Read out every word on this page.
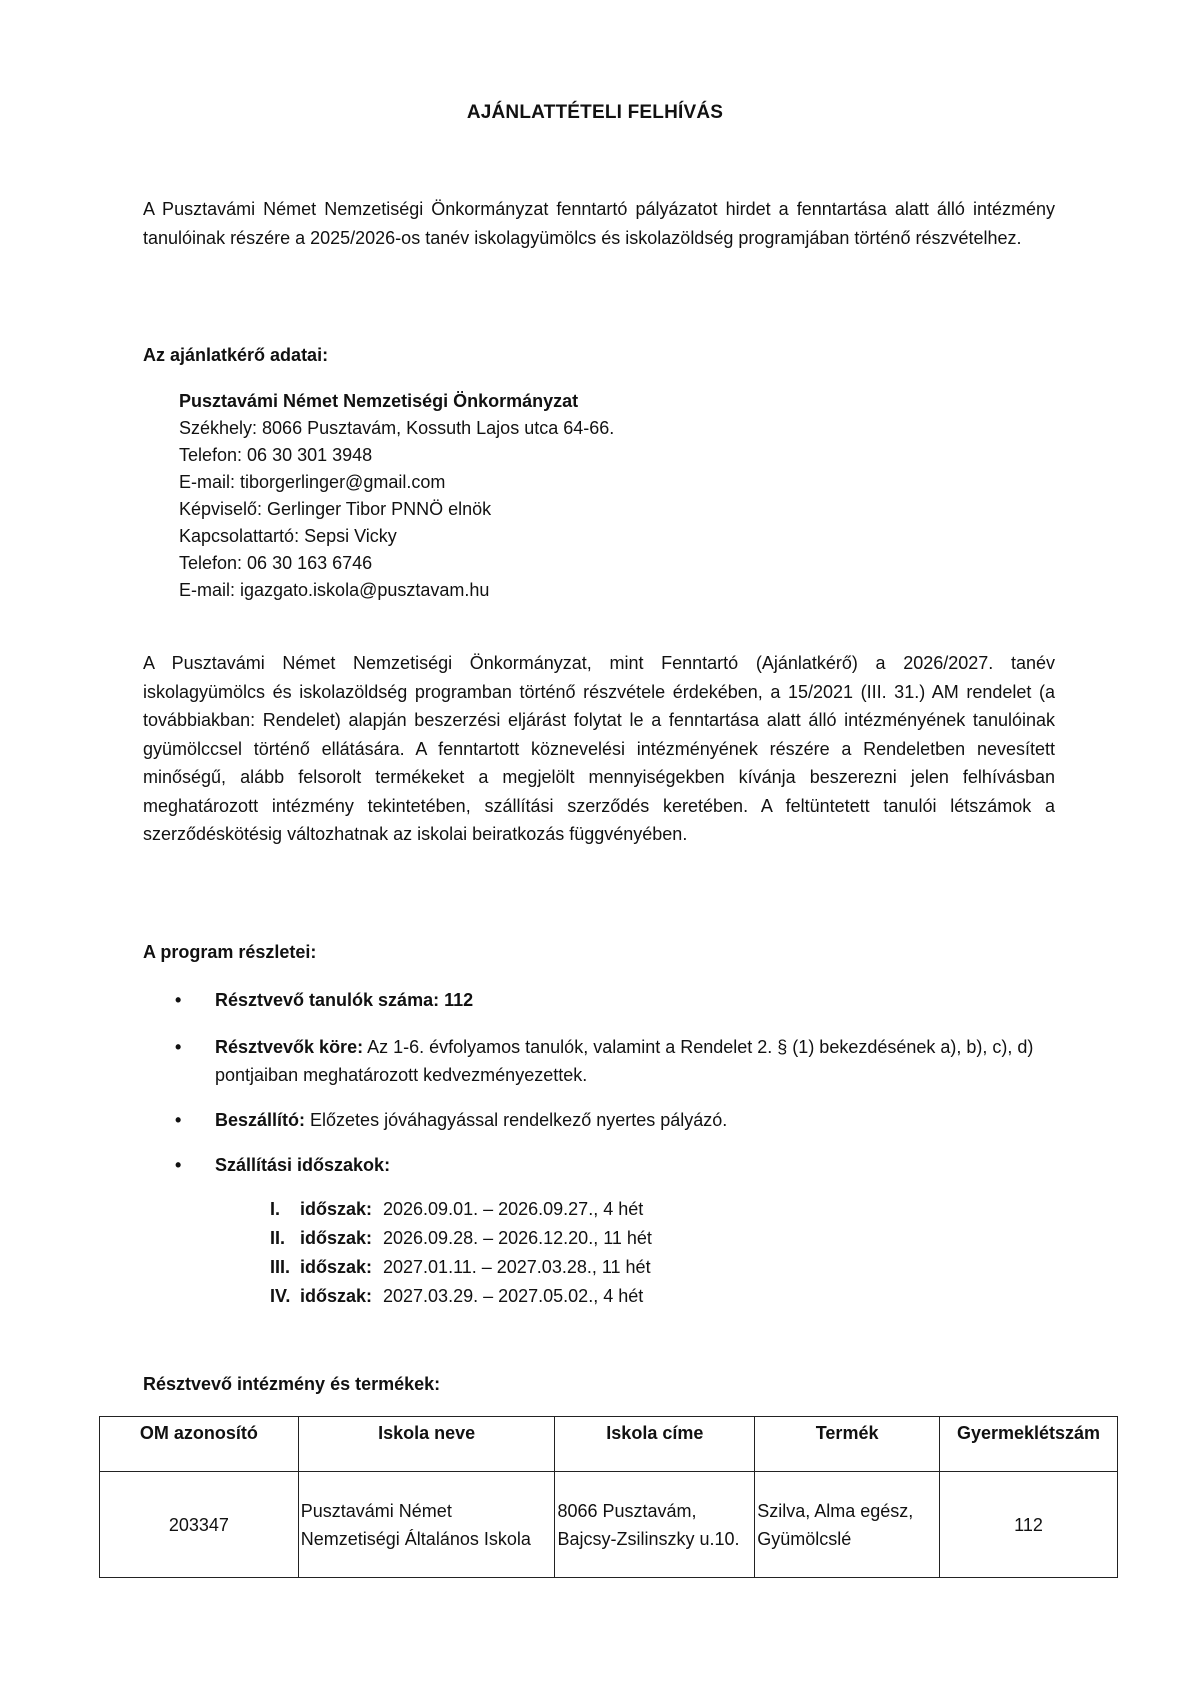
AJÁNLATTÉTELI FELHÍVÁS

A Pusztavámi Német Nemzetiségi Önkormányzat fenntartó pályázatot hirdet a fenntartása alatt álló intézmény tanulóinak részére a 2025/2026-os tanév iskolagyümölcs és iskolazöldség programjában történő részvételhez.

Az ajánlatkérő adatai:
Pusztavámi Német Nemzetiségi Önkormányzat
Székhely: 8066 Pusztavám, Kossuth Lajos utca 64-66.
Telefon: 06 30 301 3948
E-mail: tiborgerlinger@gmail.com
Képviselő: Gerlinger Tibor PNNÖ elnök
Kapcsolattartó: Sepsi Vicky
Telefon: 06 30 163 6746
E-mail: igazgato.iskola@pusztavam.hu

A Pusztavámi Német Nemzetiségi Önkormányzat, mint Fenntartó (Ajánlatkérő) a 2026/2027. tanév iskolagyümölcs és iskolazöldség programban történő részvétele érdekében, a 15/2021 (III. 31.) AM rendelet (a továbbiakban: Rendelet) alapján beszerzési eljárást folytat le a fenntartása alatt álló intézményének tanulóinak gyümölccsel történő ellátására. A fenntartott köznevelési intézményének részére a Rendeletben nevesített minőségű, alább felsorolt termékeket a megjelölt mennyiségekben kívánja beszerezni jelen felhívásban meghatározott intézmény tekintetében, szállítási szerződés keretében. A feltüntetett tanulói létszámok a szerződéskötésig változhatnak az iskolai beiratkozás függvényében.

A program részletei:
• Résztvevő tanulók száma: 112
• Résztvevők köre: Az 1-6. évfolyamos tanulók, valamint a Rendelet 2. § (1) bekezdésének a), b), c), d) pontjaiban meghatározott kedvezményezettek.
• Beszállító: Előzetes jóváhagyással rendelkező nyertes pályázó.
• Szállítási időszakok:
I. időszak: 2026.09.01. – 2026.09.27., 4 hét
II. időszak: 2026.09.28. – 2026.12.20., 11 hét
III. időszak: 2027.01.11. – 2027.03.28., 11 hét
IV. időszak: 2027.03.29. – 2027.05.02., 4 hét
Résztvevő intézmény és termékek:
OM azonosító	Iskola neve	Iskola címe	Termék	Gyermeklétszám
203347	Pusztavámi Német Nemzetiségi Általános Iskola	8066 Pusztavám, Bajcsy-Zsilinszky u.10.	Szilva, Alma egész, Gyümölcslé	112
